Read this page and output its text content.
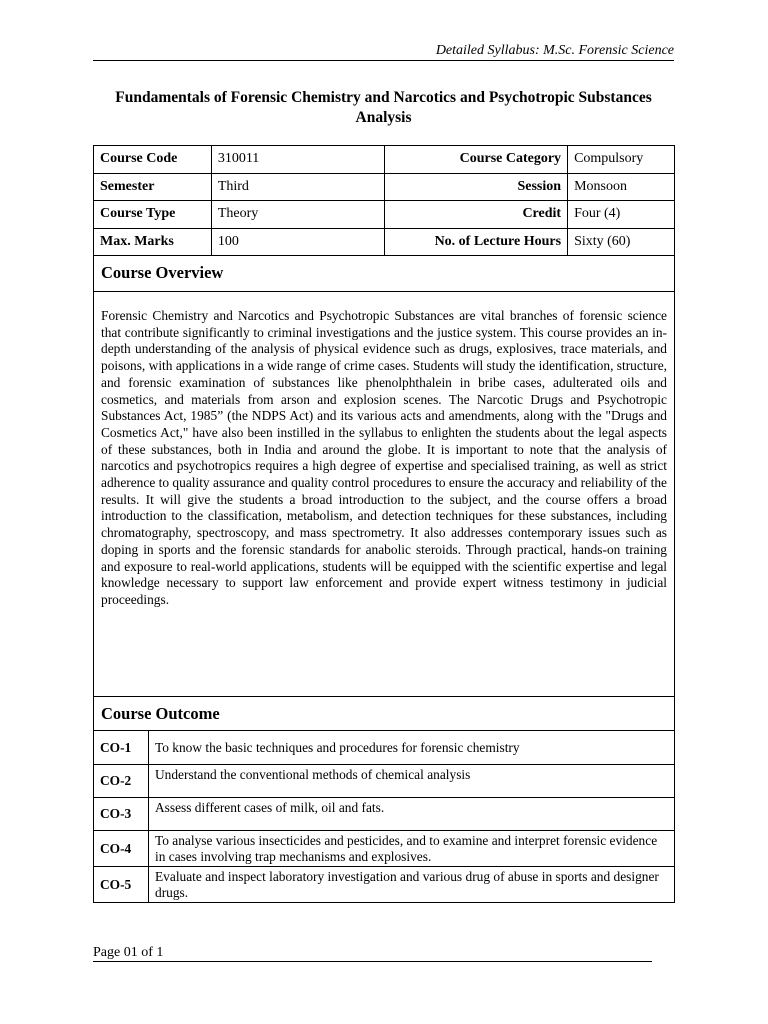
Detailed Syllabus: M.Sc. Forensic Science
Fundamentals of Forensic Chemistry and Narcotics and Psychotropic Substances Analysis
Course Code	310011	Course Category	Compulsory
Semester	Third	Session	Monsoon
Course Type	Theory	Credit	Four (4)
Max. Marks	100	No. of Lecture Hours	Sixty (60)
Course Overview

Forensic Chemistry and Narcotics and Psychotropic Substances are vital branches of forensic science that contribute significantly to criminal investigations and the justice system. This course provides an in-depth understanding of the analysis of physical evidence such as drugs, explosives, trace materials, and poisons, with applications in a wide range of crime cases. Students will study the identification, structure, and forensic examination of substances like phenolphthalein in bribe cases, adulterated oils and cosmetics, and materials from arson and explosion scenes. The Narcotic Drugs and Psychotropic Substances Act, 1985” (the NDPS Act) and its various acts and amendments, along with the "Drugs and Cosmetics Act," have also been instilled in the syllabus to enlighten the students about the legal aspects of these substances, both in India and around the globe. It is important to note that the analysis of narcotics and psychotropics requires a high degree of expertise and specialised training, as well as strict adherence to quality assurance and quality control procedures to ensure the accuracy and reliability of the results. It will give the students a broad introduction to the subject, and the course offers a broad introduction to the classification, metabolism, and detection techniques for these substances, including chromatography, spectroscopy, and mass spectrometry. It also addresses contemporary issues such as doping in sports and the forensic standards for anabolic steroids. Through practical, hands-on training and exposure to real-world applications, students will be equipped with the scientific expertise and legal knowledge necessary to support law enforcement and provide expert witness testimony in judicial proceedings.

Course Outcome
CO-1	To know the basic techniques and procedures for forensic chemistry
CO-2	Understand the conventional methods of chemical analysis
CO-3	Assess different cases of milk, oil and fats.
CO-4	To analyse various insecticides and pesticides, and to examine and interpret forensic evidence in cases involving trap mechanisms and explosives.
CO-5	Evaluate and inspect laboratory investigation and various drug of abuse in sports and designer drugs.
Page 01 of 1
